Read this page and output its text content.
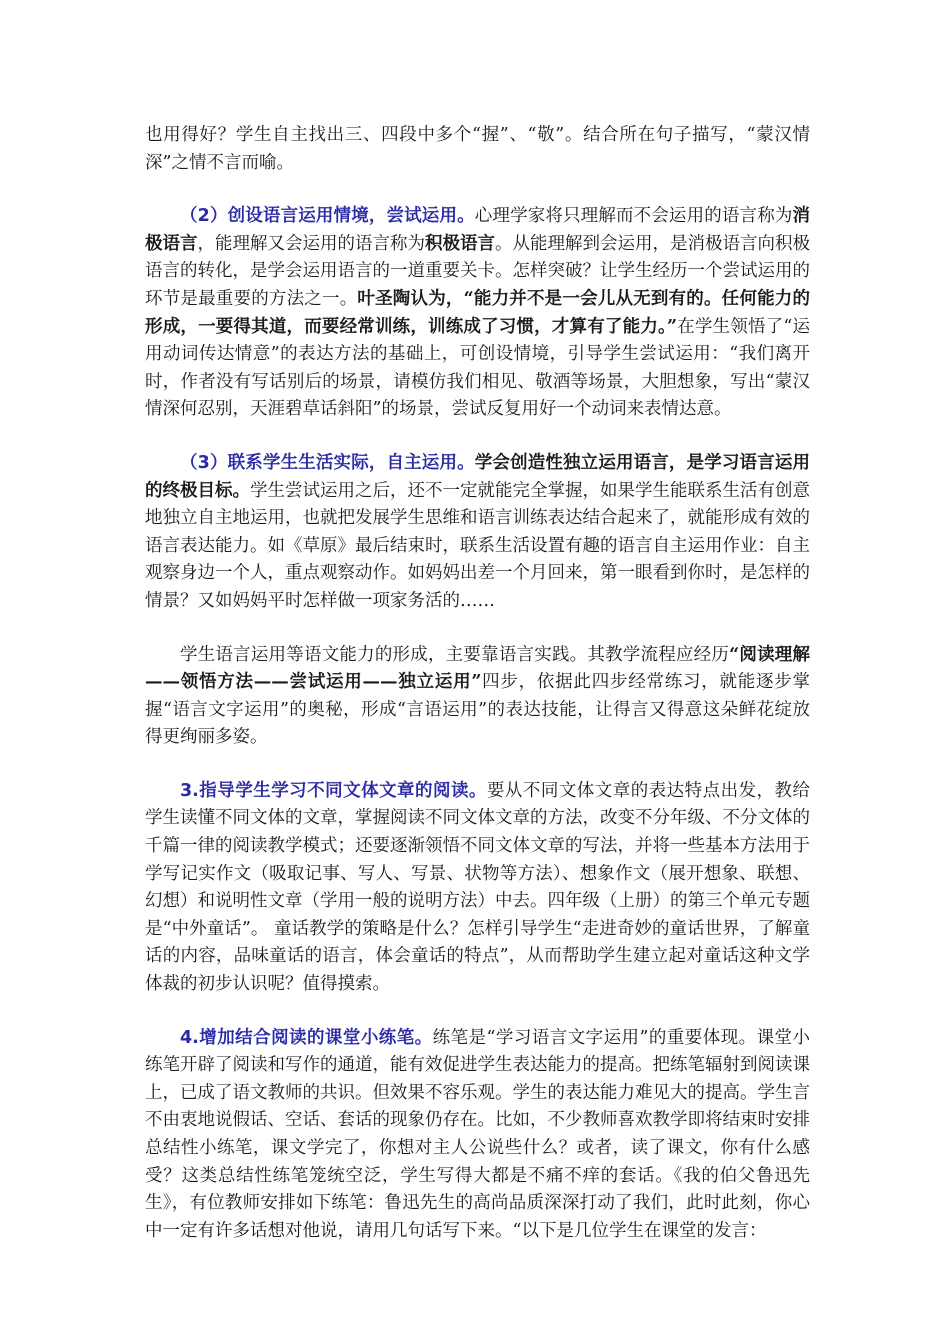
也用得好？学生自主找出三、四段中多个“握”、“敬”。结合所在句子描写，“蒙汉情深”之情不言而喻。

（2）创设语言运用情境，尝试运用。心理学家将只理解而不会运用的语言称为消极语言，能理解又会运用的语言称为积极语言。从能理解到会运用，是消极语言向积极语言的转化，是学会运用语言的一道重要关卡。怎样突破？让学生经历一个尝试运用的环节是最重要的方法之一。叶圣陶认为，“能力并不是一会儿从无到有的。任何能力的形成，一要得其道，而要经常训练，训练成了习惯，才算有了能力。”在学生领悟了“运用动词传达情意”的表达方法的基础上，可创设情境，引导学生尝试运用：“我们离开时，作者没有写话别后的场景，请模仿我们相见、敬酒等场景，大胆想象，写出“蒙汉情深何忍别，天涯碧草话斜阳”的场景，尝试反复用好一个动词来表情达意。

（3）联系学生生活实际，自主运用。学会创造性独立运用语言，是学习语言运用的终极目标。学生尝试运用之后，还不一定就能完全掌握，如果学生能联系生活有创意地独立自主地运用，也就把发展学生思维和语言训练表达结合起来了，就能形成有效的语言表达能力。如《草原》最后结束时，联系生活设置有趣的语言自主运用作业：自主观察身边一个人，重点观察动作。如妈妈出差一个月回来，第一眼看到你时，是怎样的情景？又如妈妈平时怎样做一项家务活的……

学生语言运用等语文能力的形成，主要靠语言实践。其教学流程应经历“阅读理解——领悟方法——尝试运用——独立运用”四步，依据此四步经常练习，就能逐步掌握“语言文字运用”的奥秘，形成“言语运用”的表达技能，让得言又得意这朵鲜花绽放得更绚丽多姿。

3.指导学生学习不同文体文章的阅读。要从不同文体文章的表达特点出发，教给学生读懂不同文体的文章，掌握阅读不同文体文章的方法，改变不分年级、不分文体的千篇一律的阅读教学模式；还要逐渐领悟不同文体文章的写法，并将一些基本方法用于学写记实作文（吸取记事、写人、写景、状物等方法）、想象作文（展开想象、联想、幻想）和说明性文章（学用一般的说明方法）中去。四年级（上册）的第三个单元专题是“中外童话”。 童话教学的策略是什么？怎样引导学生“走进奇妙的童话世界，了解童话的内容，品味童话的语言，体会童话的特点”，从而帮助学生建立起对童话这种文学体裁的初步认识呢？值得摸索。

4.增加结合阅读的课堂小练笔。练笔是“学习语言文字运用”的重要体现。课堂小练笔开辟了阅读和写作的通道，能有效促进学生表达能力的提高。把练笔辐射到阅读课上，已成了语文教师的共识。但效果不容乐观。学生的表达能力难见大的提高。学生言不由衷地说假话、空话、套话的现象仍存在。比如，不少教师喜欢教学即将结束时安排总结性小练笔，课文学完了，你想对主人公说些什么？或者，读了课文，你有什么感受？这类总结性练笔笼统空泛，学生写得大都是不痛不痒的套话。《我的伯父鲁迅先生》，有位教师安排如下练笔：鲁迅先生的高尚品质深深打动了我们，此时此刻，你心中一定有许多话想对他说，请用几句话写下来。“以下是几位学生在课堂的发言：
